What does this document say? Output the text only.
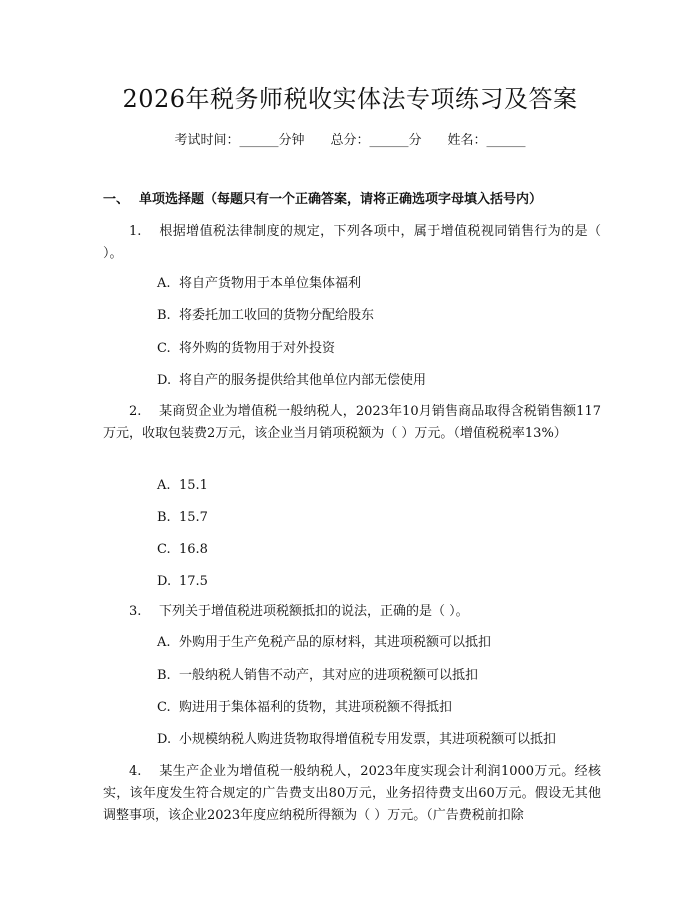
2026年税务师税收实体法专项练习及答案
考试时间：______分钟 总分：______分 姓名：______
一、 单项选择题（每题只有一个正确答案，请将正确选项字母填入括号内）
1. 根据增值税法律制度的规定，下列各项中，属于增值税视同销售行为的是（ ）。
A. 将自产货物用于本单位集体福利
B. 将委托加工收回的货物分配给股东
C. 将外购的货物用于对外投资
D. 将自产的服务提供给其他单位内部无偿使用
2. 某商贸企业为增值税一般纳税人，2023年10月销售商品取得含税销售额117万元，收取包装费2万元，该企业当月销项税额为（ ）万元。（增值税税率13%）
A. 15.1
B. 15.7
C. 16.8
D. 17.5
3. 下列关于增值税进项税额抵扣的说法，正确的是（ ）。
A. 外购用于生产免税产品的原材料，其进项税额可以抵扣
B. 一般纳税人销售不动产，其对应的进项税额可以抵扣
C. 购进用于集体福利的货物，其进项税额不得抵扣
D. 小规模纳税人购进货物取得增值税专用发票，其进项税额可以抵扣
4. 某生产企业为增值税一般纳税人，2023年度实现会计利润1000万元。经核实，该年度发生符合规定的广告费支出80万元，业务招待费支出60万元。假设无其他调整事项，该企业2023年度应纳税所得额为（ ）万元。（广告费税前扣除
